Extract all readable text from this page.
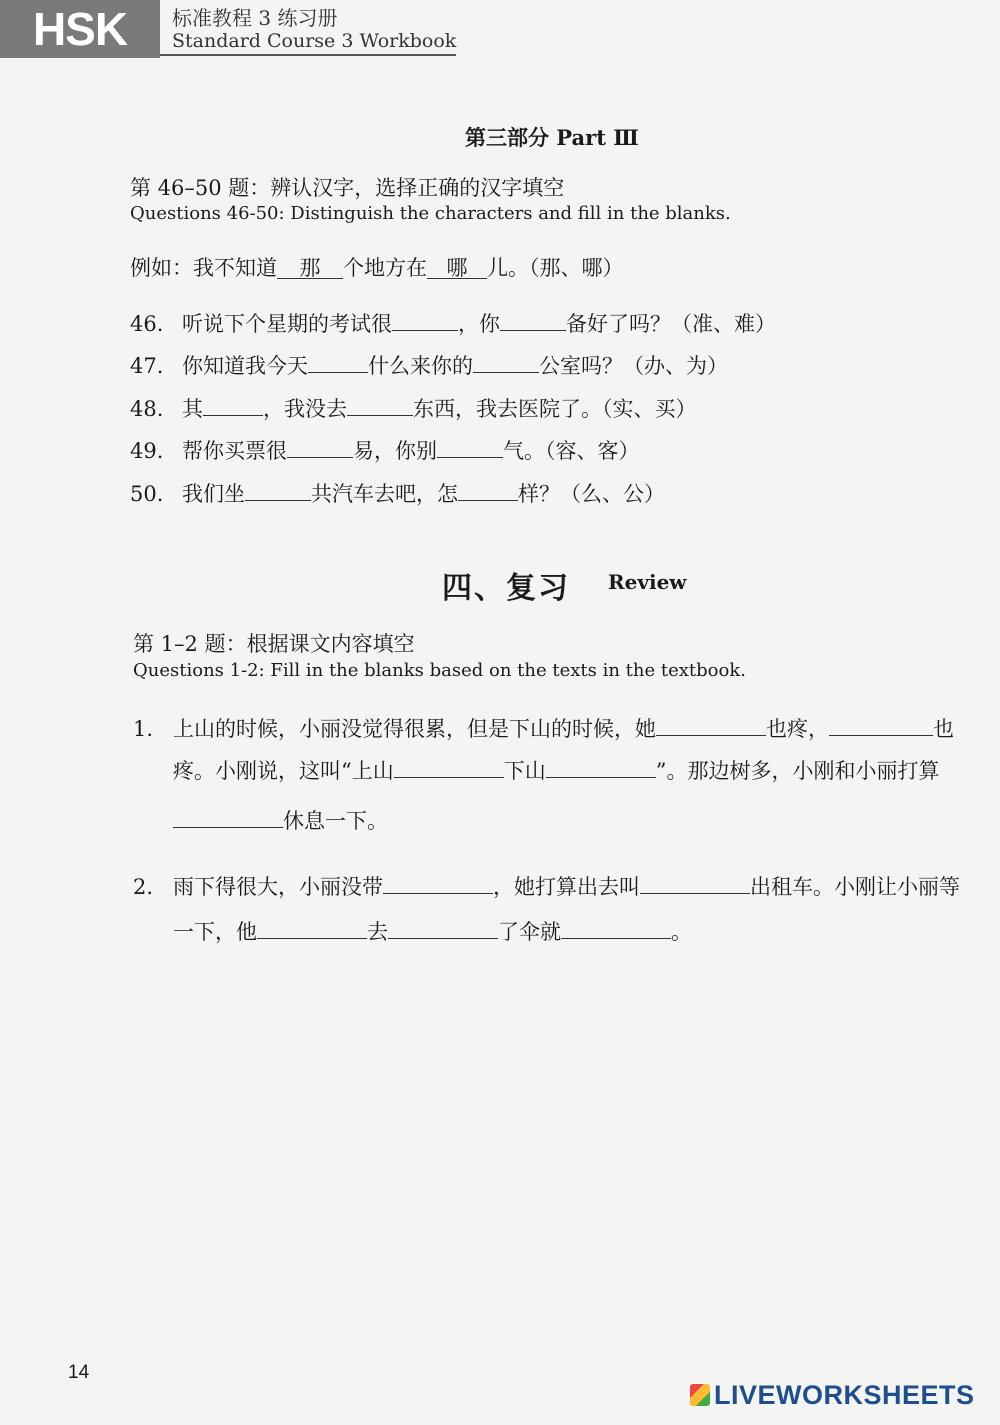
HSK	标准教程 3 练习册
Standard Course 3 Workbook
第三部分 Part Ⅲ
第 46–50 题：辨认汉字，选择正确的汉字填空
Questions 46-50: Distinguish the characters and fill in the blanks.
例如：我不知道 那 个地方在 哪 儿。（那、哪）
46. 听说下个星期的考试很	，你	备好了吗？（准、难）
47. 你知道我今天	什么来你的	公室吗？（办、为）
48. 其	，我没去	东西，我去医院了。（实、买）
49. 帮你买票很	易，你别	气。（容、客）
50. 我们坐	共汽车去吧，怎	样？（么、公）
四、复习 Review
第 1–2 题：根据课文内容填空
Questions 1-2: Fill in the blanks based on the texts in the textbook.
1. 上山的时候，小丽没觉得很累，但是下山的时候，她	也疼，	也
疼。小刚说，这叫“上山	下山	”。那边树多，小刚和小丽打算
休息一下。
2. 雨下得很大，小丽没带	，她打算出去叫	出租车。小刚让小丽等
一下，他	去	了伞就	。
14
LIVEWORKSHEETS
